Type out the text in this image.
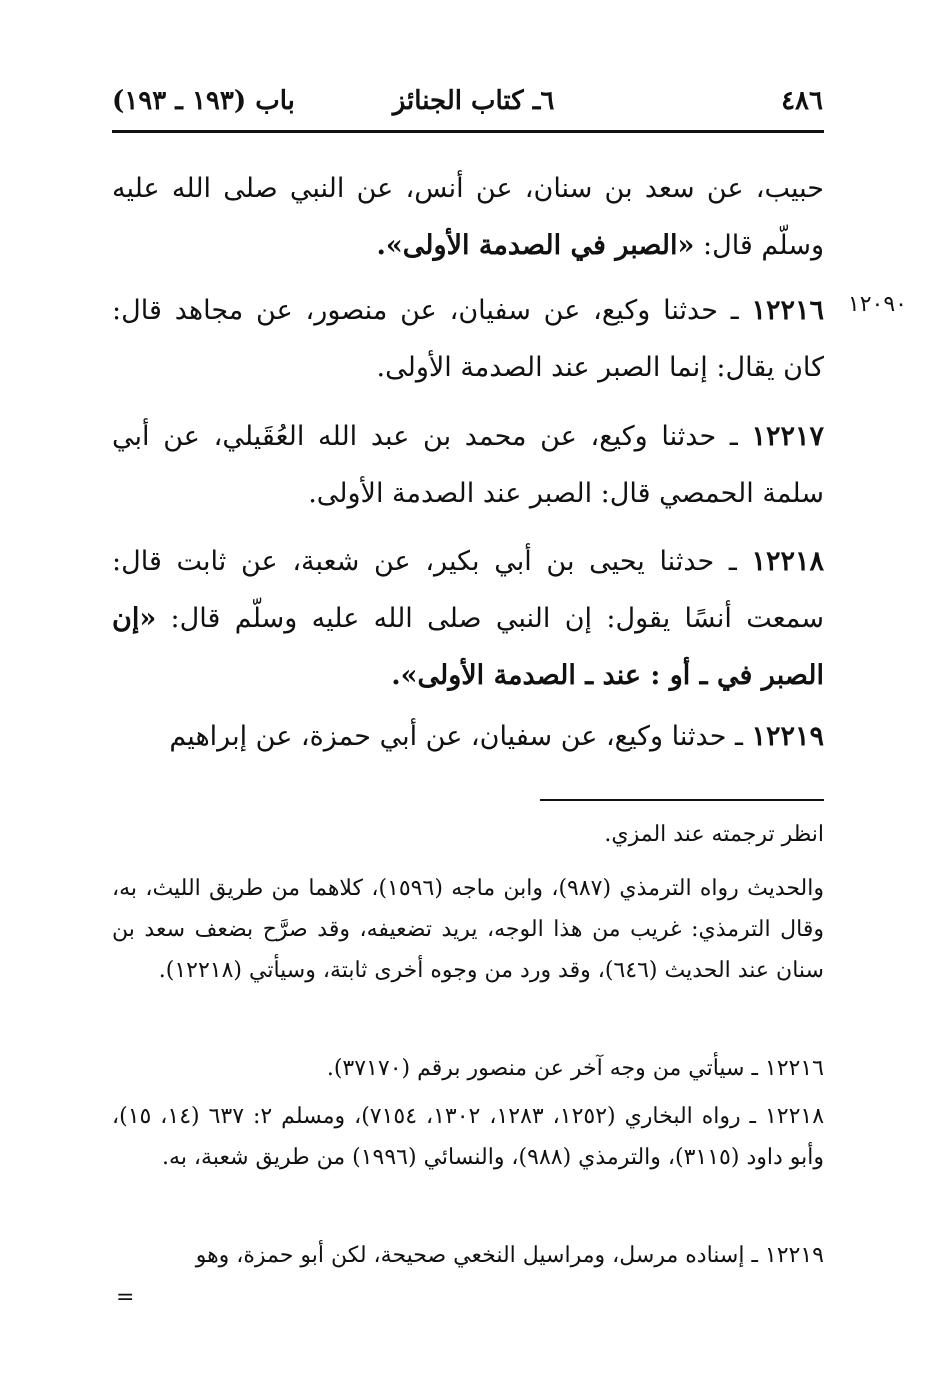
٤٨٦
٦ـ كتاب الجنائز
باب (١٩٣ ـ ١٩٣)
١٢٠٩٠
حبيب، عن سعد بن سنان، عن أنس، عن النبي صلى الله عليه وسلّم قال: «الصبر في الصدمة الأولى».
١٢٢١٦ ـ حدثنا وكيع، عن سفيان، عن منصور، عن مجاهد قال: كان يقال: إنما الصبر عند الصدمة الأولى.
١٢٢١٧ ـ حدثنا وكيع، عن محمد بن عبد الله العُقَيلي، عن أبي سلمة الحمصي قال: الصبر عند الصدمة الأولى.
١٢٢١٨ ـ حدثنا يحيى بن أبي بكير، عن شعبة، عن ثابت قال: سمعت أنسًا يقول: إن النبي صلى الله عليه وسلّم قال: «إن الصبر في ـ أو : عند ـ الصدمة الأولى».
١٢٢١٩ ـ حدثنا وكيع، عن سفيان، عن أبي حمزة، عن إبراهيم
انظر ترجمته عند المزي.
والحديث رواه الترمذي (٩٨٧)، وابن ماجه (١٥٩٦)، كلاهما من طريق الليث، به، وقال الترمذي: غريب من هذا الوجه، يريد تضعيفه، وقد صرَّح بضعف سعد بن سنان عند الحديث (٦٤٦)، وقد ورد من وجوه أخرى ثابتة، وسيأتي (١٢٢١٨).
١٢٢١٦ ـ سيأتي من وجه آخر عن منصور برقم (٣٧١٧٠).
١٢٢١٨ ـ رواه البخاري (١٢٥٢، ١٢٨٣، ١٣٠٢، ٧١٥٤)، ومسلم ٢: ٦٣٧ (١٤، ١٥)، وأبو داود (٣١١٥)، والترمذي (٩٨٨)، والنسائي (١٩٩٦) من طريق شعبة، به.
١٢٢١٩ ـ إسناده مرسل، ومراسيل النخعي صحيحة، لكن أبو حمزة، وهو
=
